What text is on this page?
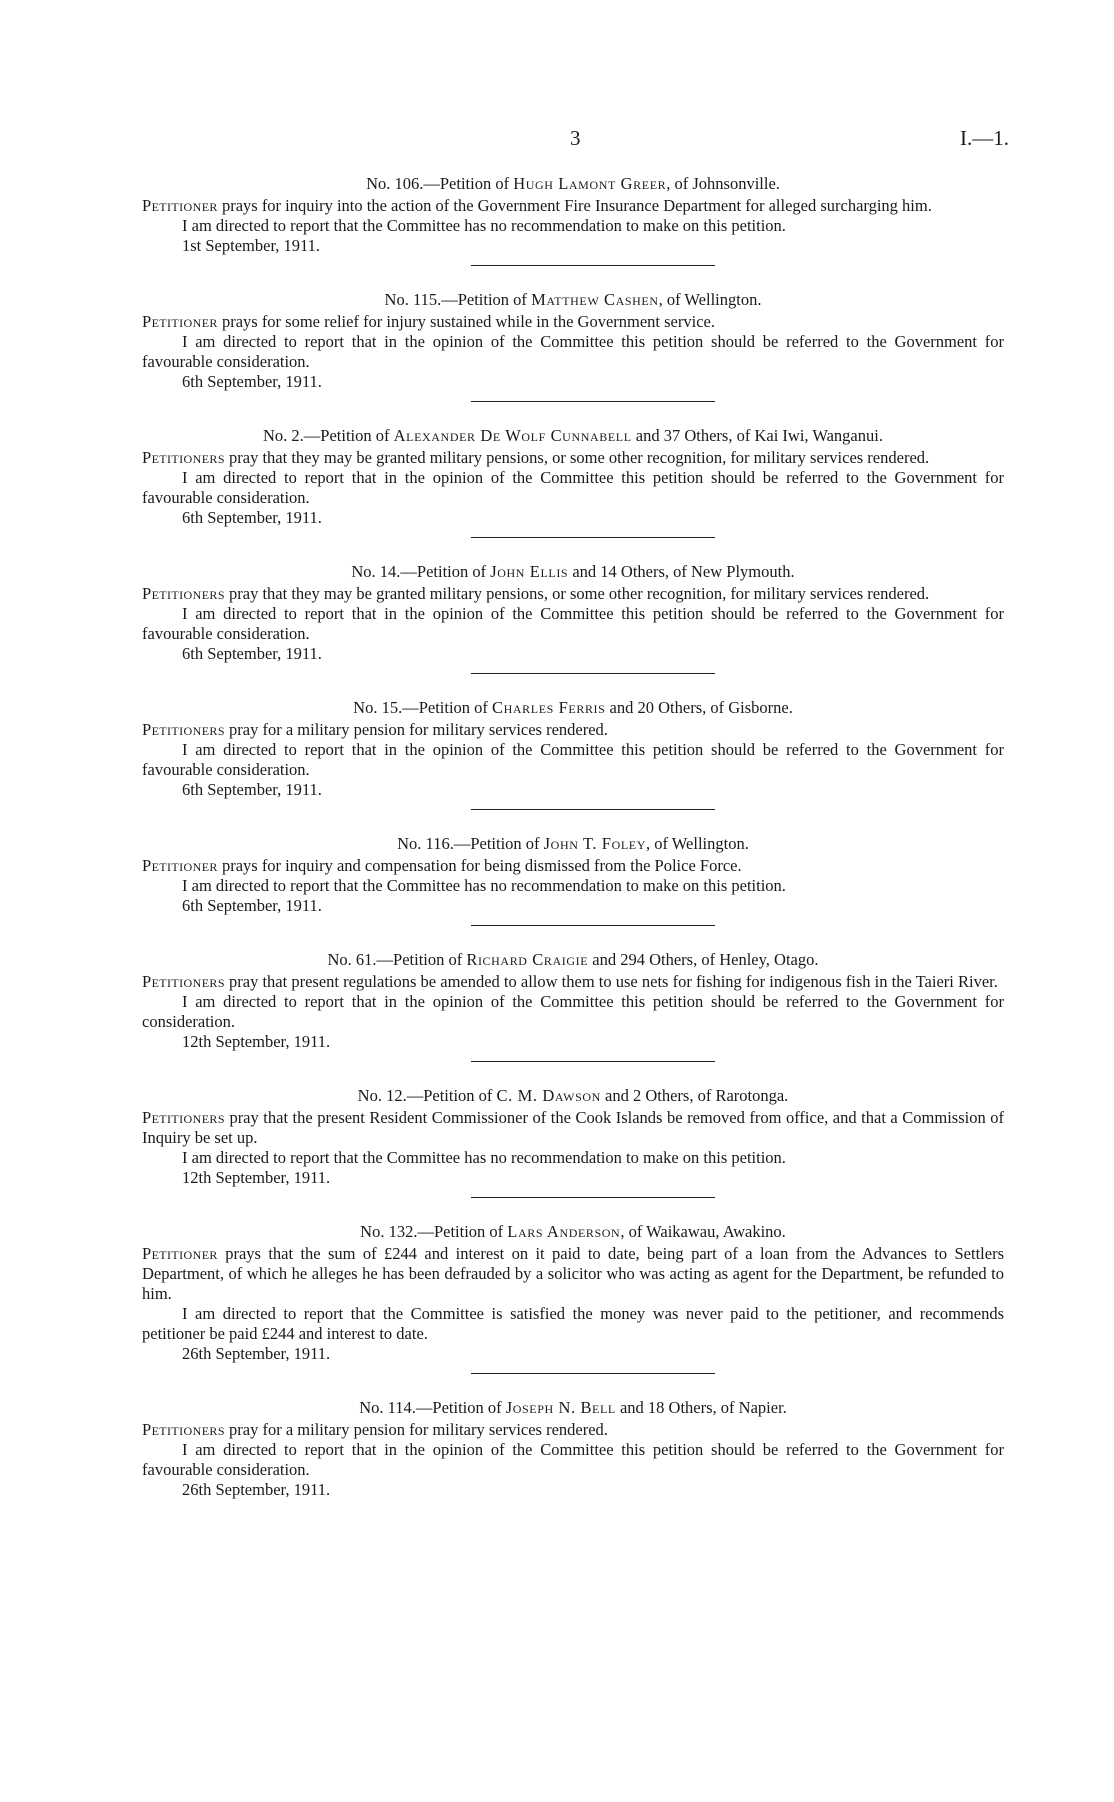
3	I.—1.
No. 106.—Petition of Hugh Lamont Greer, of Johnsonville.

Petitioner prays for inquiry into the action of the Government Fire Insurance Department for alleged surcharging him.

I am directed to report that the Committee has no recommendation to make on this petition.

1st September, 1911.

No. 115.—Petition of Matthew Cashen, of Wellington.

Petitioner prays for some relief for injury sustained while in the Government service.

I am directed to report that in the opinion of the Committee this petition should be referred to the Government for favourable consideration.

6th September, 1911.

No. 2.—Petition of Alexander De Wolf Cunnabell and 37 Others, of Kai Iwi, Wanganui.

Petitioners pray that they may be granted military pensions, or some other recognition, for military services rendered.

I am directed to report that in the opinion of the Committee this petition should be referred to the Government for favourable consideration.

6th September, 1911.

No. 14.—Petition of John Ellis and 14 Others, of New Plymouth.

Petitioners pray that they may be granted military pensions, or some other recognition, for military services rendered.

I am directed to report that in the opinion of the Committee this petition should be referred to the Government for favourable consideration.

6th September, 1911.

No. 15.—Petition of Charles Ferris and 20 Others, of Gisborne.

Petitioners pray for a military pension for military services rendered.

I am directed to report that in the opinion of the Committee this petition should be referred to the Government for favourable consideration.

6th September, 1911.

No. 116.—Petition of John T. Foley, of Wellington.

Petitioner prays for inquiry and compensation for being dismissed from the Police Force.

I am directed to report that the Committee has no recommendation to make on this petition.

6th September, 1911.

No. 61.—Petition of Richard Craigie and 294 Others, of Henley, Otago.

Petitioners pray that present regulations be amended to allow them to use nets for fishing for indigenous fish in the Taieri River.

I am directed to report that in the opinion of the Committee this petition should be referred to the Government for consideration.

12th September, 1911.

No. 12.—Petition of C. M. Dawson and 2 Others, of Rarotonga.

Petitioners pray that the present Resident Commissioner of the Cook Islands be removed from office, and that a Commission of Inquiry be set up.

I am directed to report that the Committee has no recommendation to make on this petition.

12th September, 1911.

No. 132.—Petition of Lars Anderson, of Waikawau, Awakino.

Petitioner prays that the sum of £244 and interest on it paid to date, being part of a loan from the Advances to Settlers Department, of which he alleges he has been defrauded by a solicitor who was acting as agent for the Department, be refunded to him.

I am directed to report that the Committee is satisfied the money was never paid to the petitioner, and recommends petitioner be paid £244 and interest to date.

26th September, 1911.

No. 114.—Petition of Joseph N. Bell and 18 Others, of Napier.

Petitioners pray for a military pension for military services rendered.

I am directed to report that in the opinion of the Committee this petition should be referred to the Government for favourable consideration.

26th September, 1911.
